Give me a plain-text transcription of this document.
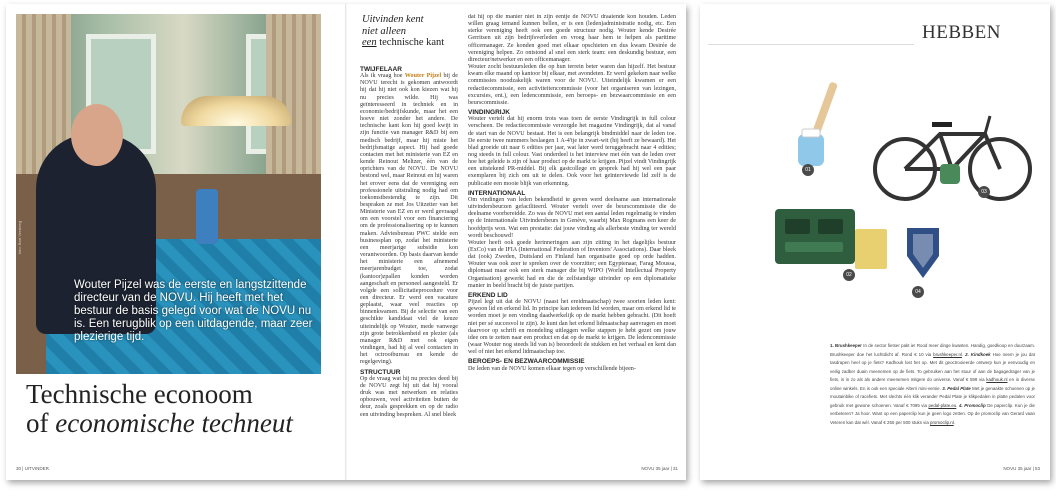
Wouter Pijzel was de eerste en langstzittende directeur van de NOVU. Hij heeft met het bestuur de basis gelegd voor wat de NOVU nu is. Een terugblik op een uitdagende, maar zeer plezierige tijd.
foto: Bart Versteeg
Technische econoom
of economische techneut
Uitvinden kent
niet alleen
een technische kant

TWIJFELAAR

Als ik vraag hoe Wouter Pijzel bij de NOVU terecht is gekomen antwoordt hij dat hij niet ook kon kiezen wat hij nu precies wilde. Hij was geïnteresseerd in techniek en in economie/bedrijfskunde, maar het een hoeve niet zonder het andere. De technische kant kon hij goed kwijt in zijn functie van manager R&D bij een medisch bedrijf, maar hij miste het bedrijfsmatige aspect. Hij had goede contacten met het ministerie van EZ en kende Reinout Meltzer, één van de oprichters van de NOVU. De NOVU bestond wel, maar Reinout en hij waren het erover eens dat de vereniging een professionele uitstraling nodig had om toekomstbestendig te zijn. Dit bespraken ze met Jos Uitzetter van het Ministerie van EZ en er werd gevraagd om een voorstel voor een financiering om de professionalisering op te kunnen maken. Adviesbureau PWC stelde een businessplan op, zodat het ministerie een meerjarige subsidie kon verantwoorden. Op basis daarvan kende het ministerie een afnemend meerjarenbudget toe, zodat (kantoor)zpallen konden worden aangeschaft en personeel aangesteld. Er volgde een sollicitatieprocedure voor een directeur. Er werd een vacature geplaatst, waar veel reacties op binnenkwamen. Bij de selectie van een geschikte kandidaat viel de keuze uiteindelijk op Wouter, mede vanwege zijn grote betrokkenheid en plezier (als manager R&D met ook eigen vindingen, had hij al veel contacten in het octrooibureau en kende de regelgeving).

STRUCTUUR

Op de vraag wat hij nu precies deed bij de NOVU zegt hij uit dat hij vooral druk was met netwerken en relaties opbouwen, veel activiteiten buiten de deur, zoals gesprekken en op de radio een uitvinding bespreken. Al snel bleek

dat hij op die manier niet in zijn eentje de NOVU draaiende kon houden. Leden willen graag iemand kunnen bellen, er is een (leden)administratie nodig, etc. Een sterke vereniging heeft ook een goede structuur nodig. Wouter kende Desirée Gerritsen uit zijn bedrijfsverleden en vroeg haar hem te helpen als parttime officemanager. Ze konden goed met elkaar opschieten en dus kwam Desirée de vereniging helpen. Zo ontstond al snel een sterk team: een deskundig bestuur, een directeur/netwerker en een officemanager.

Wouter zocht bestuursleden die op hun terrein beter waren dan hijzelf. Het bestuur kwam elke maand op kantoor bij elkaar, met avondeten. Er werd gekeken naar welke commissies noodzakelijk waren voor de NOVU. Uiteindelijk kwamen er een redactiecommissie, een activiteitencommissie (voor het organiseren van lezingen, excursies, ent.), een ledencommissie, een beroeps- en bezwaarcommissie en een beurscommissie.

VINDINGRIJK

Wouter vertelt dat hij enorm trots was toen de eerste Vindingrijk in full colour verscheen. De redactiecommissie verzorgde het magazine Vindingrijk, dat al vanaf de start van de NOVU bestaat. Het is een belangrijk bindmiddel naar de leden toe. De eerste twee nummers beslaegen 1 A-4'tje in zwart-wit (hij heeft ze bewaard). Het blad groeide uit naar 6 edities per jaar, wat later werd teruggebracht naar 4 edities; nog steeds in full colour. Vast onderdeel is het interview met één van de leden over hoe het geleide is zijn of haar product op de markt te krijgen. Pijzel vindt Vindingrijk een uitstekend PR-middel. Bij elk gastcollege en gesprek had hij wel een paar exemplaren bij zich om uit te delen. Ook voor het geïnterviewde lid zelf is de publicatie een mooie blijk van erkenning.

INTERNATIONAAL

Om vindingen van leden bekendheid te geven werd deelname aan internationale uitvindersbeurzen gefaciliteerd. Wouter vertelt over de beurscommissie die de deelname voorbereidde. Zo was de NOVU met een aantal leden regelmatig te vinden op de Internationale Uitvindersbeurs in Genève, waarbij Max Rogmans een keer de hoofdprijs won. Wat een prestatie: dat jouw vinding als allerbeste vinding ter wereld wordt beschouwd!

Wouter heeft ook goede herinneringen aan zijn zitting in het dagelijks bestuur (ExCo) van de IFIA (International Federation of Inventors' Associations). Daar bleek dat (ook) Zweden, Duitsland en Finland han organisatie goed op orde hadden. Wouter was ook zeer te spreken over de voorzitter; een Egyptenaar, Farag Moussa, diplomaat maar ook een sterk manager die bij WIPO (World Intellectual Property Organisation) gewerkt had en die de zelfstandige uitvinder op een diplomatieke manier in beeld bracht bij de juiste partijen.

ERKEND LID

Pijzel legt uit dat de NOVU (naast het ereidmaatschap) twee soorten leden kent: gewoon lid en erkend lid. In principe kan iedereen lid worden, maar om erkend lid te worden moet je een vinding daadwerkelijk op de markt hebben gebracht. (Dit hoeft niet per sé succesvol te zijn). Je kunt dan het erkend lidmaatschap aanvragen en moet daarvoor op schrift en mondeling uitleggen welke stappen je hebt gezet om jouw idee om te zetten naar een product en dat op de markt te krijgen. De ledencommissie (waar Wouter nog steeds lid van is) beoordeelt de stukken en het verhaal en kent dan wel of niet het erkend lidmaatschap toe.

BEROEPS- EN BEZWAARCOMMISSIE

De leden van de NOVU komen elkaar tegen op verschillende bijeen-

30 | UITVINDER.	NOVU 35 jaar | 31
HEBBEN
01
03
02
04
1. Brushkeeper In de sector fietser pakt ie! Rood meer dinge kwasten. Handig, goedkoop en duurzaam. Brushkeeper doe het luchtdicht af. Rond € 10 via brushkeeper.nl. 2. Kindkoek Hoe neem je jou dat tasdrapen heel op je fiets? Kadhouk lost het op. Met dit geoctrooieerde ontwerp kun je eenvoudig en veilig zadber duain meenemen op de fiets. To gebruiken aan het stuur of aan de bagagedrager van je fiets, is in zo als als andere meenemen mitgere do universe. Vanaf € 599 via kadhouk.nl en in diverse online winkels. En is ook een speciale Alterri mini-versie. 3. Pedal Plate Met je genaakte schoenen op je moutainbike of racefiets. Met slechts één klik verander Pedal Plate je klikpedalen in platte pedalen voor gebruik met gewone schoenen. Vanaf € 7095 via pedal-plate.eu. 4. Promoclip De paperclip. Kun je die verbeteren? Ja hoor. Want op een paperclip kun je geen logo zetten. Op de promoclip van Gerard vaan Veteren kan dat wél. Vanaf € 250 per 500 stuks via promoclip.nl.
NOVU 35 jaar | 53
